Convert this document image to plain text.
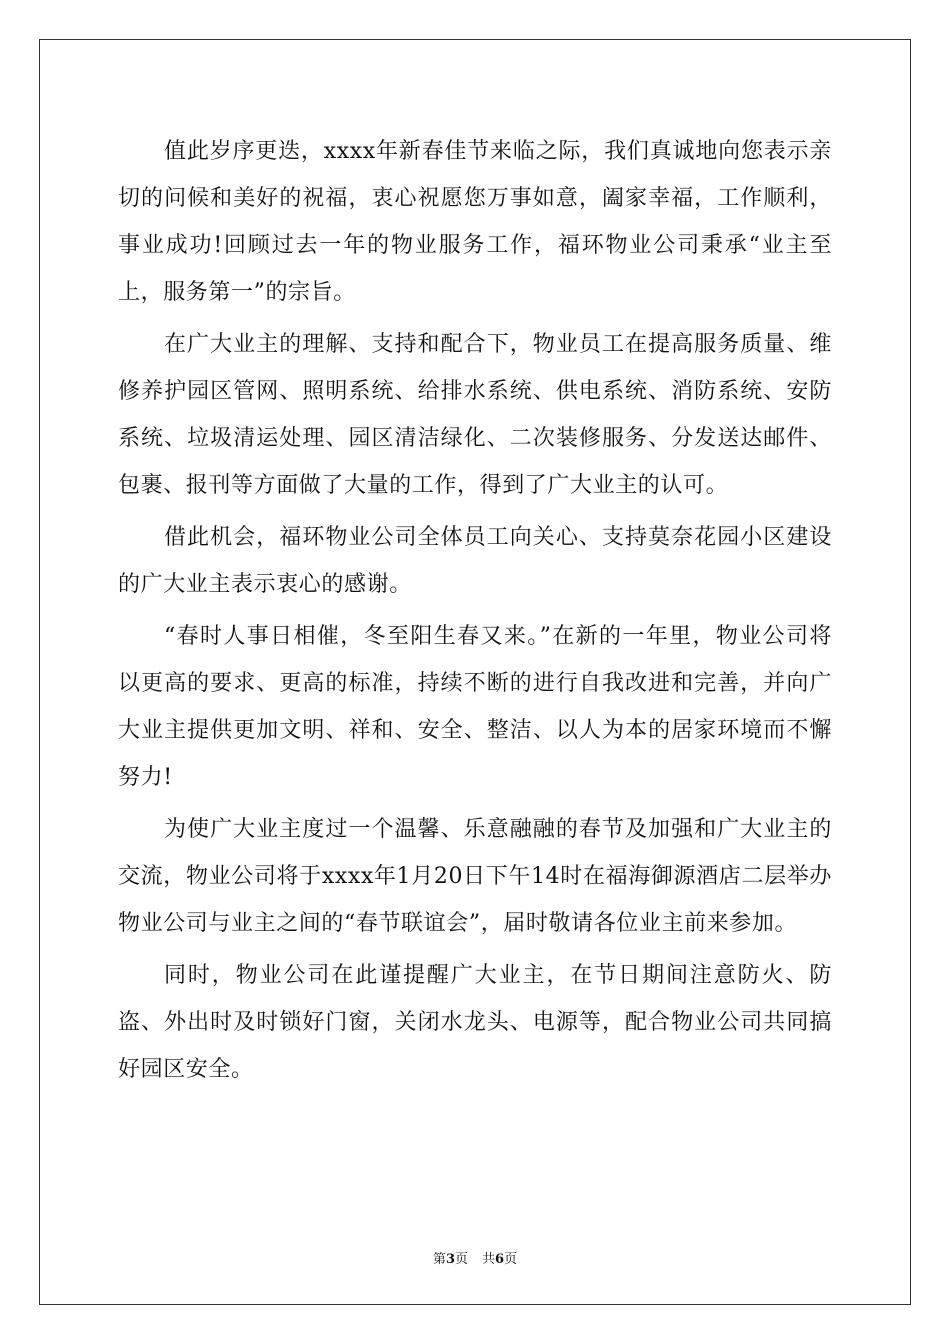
值此岁序更迭，xxxx年新春佳节来临之际，我们真诚地向您表示亲切的问候和美好的祝福，衷心祝愿您万事如意，阖家幸福，工作顺利，事业成功!回顾过去一年的物业服务工作，福环物业公司秉承“业主至上，服务第一”的宗旨。

在广大业主的理解、支持和配合下，物业员工在提高服务质量、维修养护园区管网、照明系统、给排水系统、供电系统、消防系统、安防系统、垃圾清运处理、园区清洁绿化、二次装修服务、分发送达邮件、包裹、报刊等方面做了大量的工作，得到了广大业主的认可。

借此机会，福环物业公司全体员工向关心、支持莫奈花园小区建设的广大业主表示衷心的感谢。

“春时人事日相催，冬至阳生春又来。”在新的一年里，物业公司将以更高的要求、更高的标准，持续不断的进行自我改进和完善，并向广大业主提供更加文明、祥和、安全、整洁、以人为本的居家环境而不懈努力!

为使广大业主度过一个温馨、乐意融融的春节及加强和广大业主的交流，物业公司将于xxxx年1月20日下午14时在福海御源酒店二层举办物业公司与业主之间的“春节联谊会”，届时敬请各位业主前来参加。

同时，物业公司在此谨提醒广大业主，在节日期间注意防火、防盗、外出时及时锁好门窗，关闭水龙头、电源等，配合物业公司共同搞好园区安全。

第3页 共6页
